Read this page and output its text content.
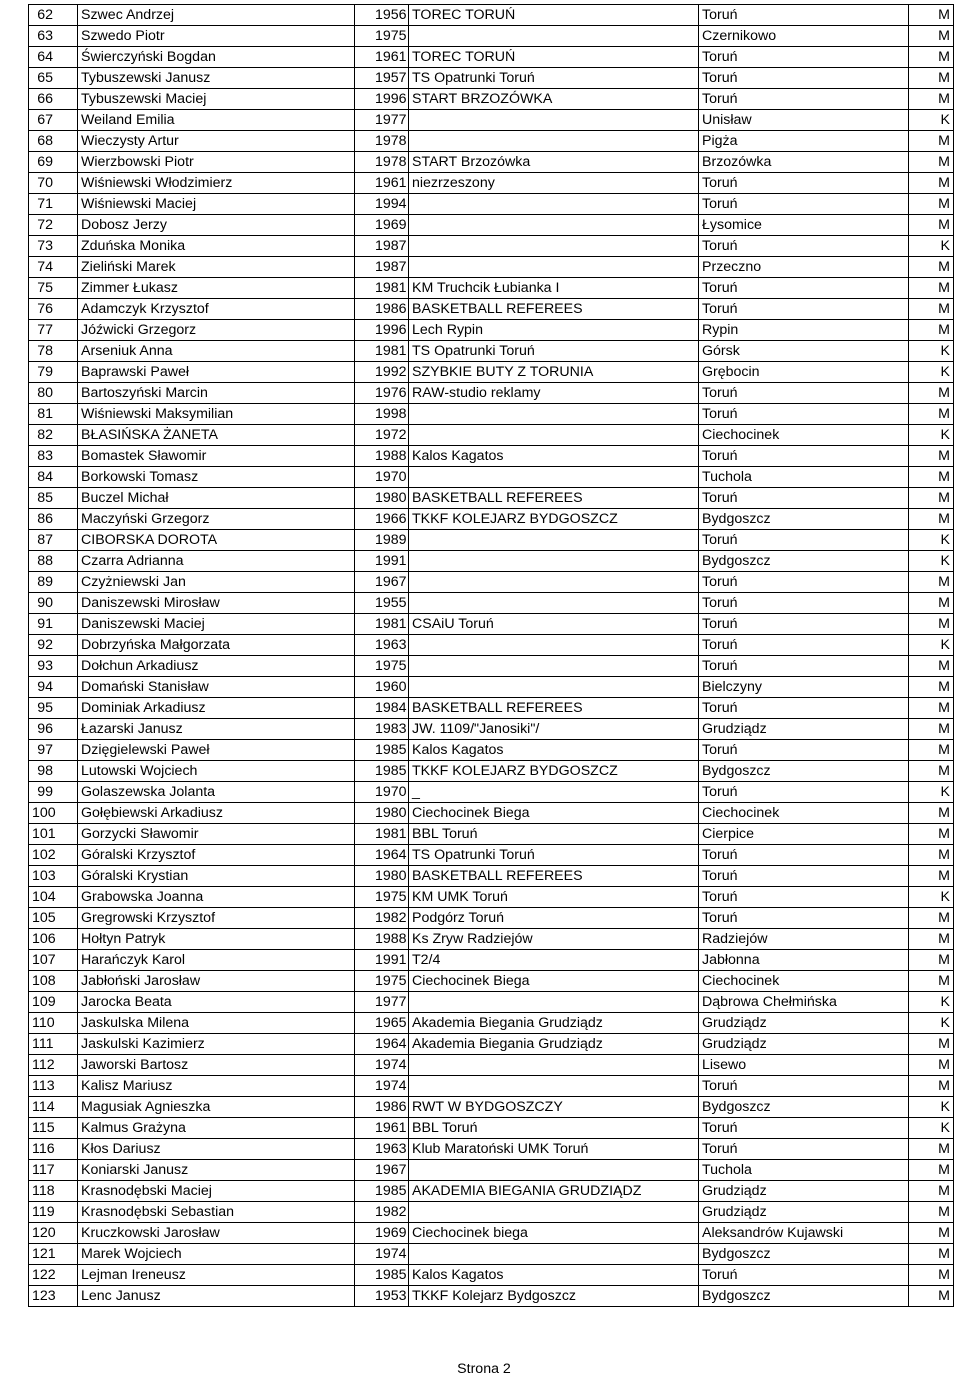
62	Szwec Andrzej	1956	TOREC TORUŃ	Toruń	M
63	Szwedo Piotr	1975		Czernikowo	M
64	Świerczyński Bogdan	1961	TOREC TORUŃ	Toruń	M
65	Tybuszewski Janusz	1957	TS Opatrunki Toruń	Toruń	M
66	Tybuszewski Maciej	1996	START BRZOZÓWKA	Toruń	M
67	Weiland Emilia	1977		Unisław	K
68	Wieczysty Artur	1978		Pigża	M
69	Wierzbowski Piotr	1978	START Brzozówka	Brzozówka	M
70	Wiśniewski Włodzimierz	1961	niezrzeszony	Toruń	M
71	Wiśniewski Maciej	1994		Toruń	M
72	Dobosz Jerzy	1969		Łysomice	M
73	Zduńska Monika	1987		Toruń	K
74	Zieliński Marek	1987		Przeczno	M
75	Zimmer Łukasz	1981	KM Truchcik Łubianka I	Toruń	M
76	Adamczyk Krzysztof	1986	BASKETBALL REFEREES	Toruń	M
77	Jóźwicki Grzegorz	1996	Lech Rypin	Rypin	M
78	Arseniuk Anna	1981	TS Opatrunki Toruń	Górsk	K
79	Baprawski Paweł	1992	SZYBKIE BUTY Z TORUNIA	Grębocin	K
80	Bartoszyński Marcin	1976	RAW-studio reklamy	Toruń	M
81	Wiśniewski Maksymilian	1998		Toruń	M
82	BŁASIŃSKA ŻANETA	1972		Ciechocinek	K
83	Bomastek Sławomir	1988	Kalos Kagatos	Toruń	M
84	Borkowski Tomasz	1970		Tuchola	M
85	Buczel Michał	1980	BASKETBALL REFEREES	Toruń	M
86	Maczyński Grzegorz	1966	TKKF KOLEJARZ BYDGOSZCZ	Bydgoszcz	M
87	CIBORSKA DOROTA	1989		Toruń	K
88	Czarra Adrianna	1991		Bydgoszcz	K
89	Czyżniewski Jan	1967		Toruń	M
90	Daniszewski Mirosław	1955		Toruń	M
91	Daniszewski Maciej	1981	CSAiU Toruń	Toruń	M
92	Dobrzyńska Małgorzata	1963		Toruń	K
93	Dołchun Arkadiusz	1975		Toruń	M
94	Domański Stanisław	1960		Bielczyny	M
95	Dominiak Arkadiusz	1984	BASKETBALL REFEREES	Toruń	M
96	Łazarski Janusz	1983	JW. 1109/"Janosiki"/	Grudziądz	M
97	Dzięgielewski Paweł	1985	Kalos Kagatos	Toruń	M
98	Lutowski Wojciech	1985	TKKF KOLEJARZ BYDGOSZCZ	Bydgoszcz	M
99	Golaszewska Jolanta	1970	_	Toruń	K
100	Gołębiewski Arkadiusz	1980	Ciechocinek Biega	Ciechocinek	M
101	Gorzycki Sławomir	1981	BBL Toruń	Cierpice	M
102	Góralski Krzysztof	1964	TS Opatrunki Toruń	Toruń	M
103	Góralski Krystian	1980	BASKETBALL REFEREES	Toruń	M
104	Grabowska Joanna	1975	KM UMK Toruń	Toruń	K
105	Gregrowski Krzysztof	1982	Podgórz Toruń	Toruń	M
106	Hołtyn Patryk	1988	Ks Zryw Radziejów	Radziejów	M
107	Harańczyk Karol	1991	T2/4	Jabłonna	M
108	Jabłoński Jarosław	1975	Ciechocinek Biega	Ciechocinek	M
109	Jarocka Beata	1977		Dąbrowa Chełmińska	K
110	Jaskulska Milena	1965	Akademia Biegania Grudziądz	Grudziądz	K
111	Jaskulski Kazimierz	1964	Akademia Biegania Grudziądz	Grudziądz	M
112	Jaworski Bartosz	1974		Lisewo	M
113	Kalisz Mariusz	1974		Toruń	M
114	Magusiak Agnieszka	1986	RWT W BYDGOSZCZY	Bydgoszcz	K
115	Kalmus Grażyna	1961	BBL Toruń	Toruń	K
116	Kłos Dariusz	1963	Klub Maratoński UMK Toruń	Toruń	M
117	Koniarski Janusz	1967		Tuchola	M
118	Krasnodębski Maciej	1985	AKADEMIA BIEGANIA GRUDZIĄDZ	Grudziądz	M
119	Krasnodębski Sebastian	1982		Grudziądz	M
120	Kruczkowski Jarosław	1969	Ciechocinek biega	Aleksandrów Kujawski	M
121	Marek Wojciech	1974		Bydgoszcz	M
122	Lejman Ireneusz	1985	Kalos Kagatos	Toruń	M
123	Lenc Janusz	1953	TKKF Kolejarz Bydgoszcz	Bydgoszcz	M
Strona 2
